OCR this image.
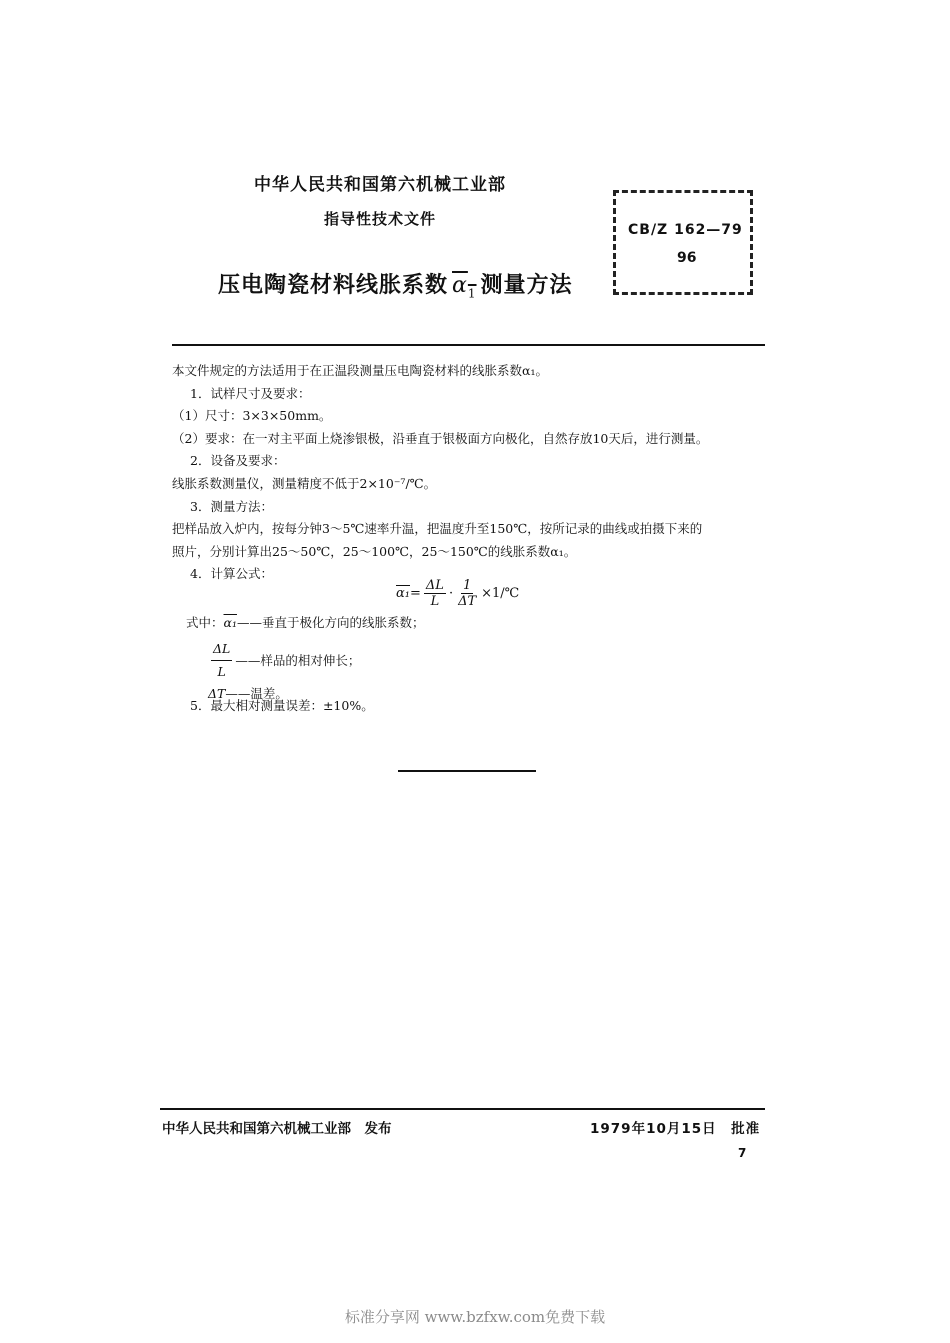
中华人民共和国第六机械工业部
指导性技术文件
压电陶瓷材料线胀系数 $\alpha_1$ 测量方法
CB/Z 162—79
96

本文件规定的方法适用于在正温段测量压电陶瓷材料的线胀系数α₁。

1．试样尺寸及要求：

（1）尺寸：3×3×50mm。

（2）要求：在一对主平面上烧渗银极，沿垂直于银极面方向极化，自然存放10天后，进行测量。

2．设备及要求：

线胀系数测量仪，测量精度不低于2×10⁻⁷/℃。

3．测量方法：

把样品放入炉内，按每分钟3～5℃速率升温，把温度升至150℃，按所记录的曲线或拍摄下来的

照片，分别计算出25～50℃，25～100℃，25～150℃的线胀系数α₁。

4．计算公式：

$\alpha_1 = \frac{\Delta L}{L} \cdot \frac{1}{\Delta T}$ ×1/℃
式中： α₁ ——垂直于极化方向的线胀系数；
$\frac{\Delta L}{L}$ ——样品的相对伸长；
ΔT ——温差。
5．最大相对测量误差：±10%。
中华人民共和国第六机械工业部　发布	1979年10月15日　批准
7
标准分享网 www.bzfxw.com免费下载
